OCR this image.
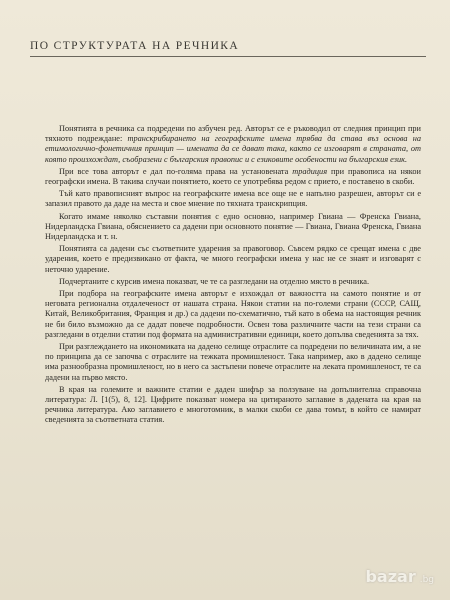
ПО СТРУКТУРАТА НА РЕЧНИКА

Понятията в речника са подредени по азбучен ред. Авторът се е ръководил от следния принцип при тяхното подреждане: транскрибирането на географските имена трябва да става въз основа на етимологично-фонетичния принцип — имената да се дават така, както се изговарят в страната, от която произхождат, съобразени с българския правопис и с езиковите особености на българския език.

При все това авторът е дал по-голяма права на установената традиция при правописа на някои географски имена. В такива случаи понятието, което се употребява редом с прието, е поставено в скоби.

Тъй като правописният въпрос на географските имена все още не е напълно разрешен, авторът си е запазил правото да даде на места и свое мнение по тяхната транскрипция.

Когато имаме няколко съставни понятия с едно основно, например Гвиана — Френска Гвиана, Нидерландска Гвиана, обяснението са дадени при основното понятие — Гвиана, Гвиана Френска, Гвиана Нидерландска и т. н.

Понятията са дадени със съответните ударения за правоговор. Съвсем рядко се срещат имена с две ударения, което е предизвикано от факта, че много географски имена у нас не се знаят и изговарят с неточно ударение.

Подчертаните с курсив имена показват, че те са разгледани на отделно място в речника.

При подбора на географските имена авторът е изхождал от важността на самото понятие и от неговата регионална отдалеченост от нашата страна. Някои статии на по-големи страни (СССР, САЩ, Китай, Великобритания, Франция и др.) са дадени по-схематично, тъй като в обема на настоящия речник не би било възможно да се дадат повече подробности. Освен това различните части на тези страни са разгледани в отделни статии под формата на административни единици, което допълва сведенията за тях.

При разглеждането на икономиката на дадено селище отраслите са подредени по величината им, а не по принципа да се започва с отраслите на тежката промишленост. Така например, ако в дадено селище има разнообразна промишленост, но в него са застъпени повече отраслите на леката промишленост, те са дадени на първо място.

В края на големите и важните статии е даден шифър за ползуване на допълнителна справочна литература: Л. [1(5), 8, 12]. Цифрите показват номера на цитираното заглавие в дадената на края на речника литература. Ако заглавието е многотомник, в малки скоби се дава томът, в който се намират сведенията за съответната статия.

bazar .bg
